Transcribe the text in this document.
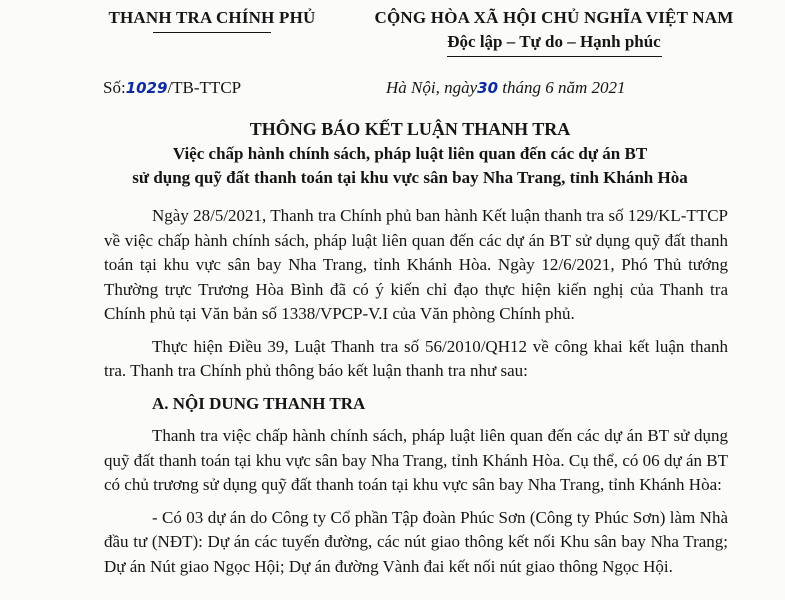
THANH TRA CHÍNH PHỦ	CỘNG HÒA XÃ HỘI CHỦ NGHĨA VIỆT NAM
Độc lập – Tự do – Hạnh phúc
Số:1029/TB-TTCP	Hà Nội, ngày30 tháng 6 năm 2021
THÔNG BÁO KẾT LUẬN THANH TRA
Việc chấp hành chính sách, pháp luật liên quan đến các dự án BT
sử dụng quỹ đất thanh toán tại khu vực sân bay Nha Trang, tỉnh Khánh Hòa

Ngày 28/5/2021, Thanh tra Chính phủ ban hành Kết luận thanh tra số 129/KL-TTCP về việc chấp hành chính sách, pháp luật liên quan đến các dự án BT sử dụng quỹ đất thanh toán tại khu vực sân bay Nha Trang, tỉnh Khánh Hòa. Ngày 12/6/2021, Phó Thủ tướng Thường trực Trương Hòa Bình đã có ý kiến chỉ đạo thực hiện kiến nghị của Thanh tra Chính phủ tại Văn bản số 1338/VPCP-V.I của Văn phòng Chính phủ.

Thực hiện Điều 39, Luật Thanh tra số 56/2010/QH12 về công khai kết luận thanh tra. Thanh tra Chính phủ thông báo kết luận thanh tra như sau:

A. NỘI DUNG THANH TRA

Thanh tra việc chấp hành chính sách, pháp luật liên quan đến các dự án BT sử dụng quỹ đất thanh toán tại khu vực sân bay Nha Trang, tỉnh Khánh Hòa. Cụ thể, có 06 dự án BT có chủ trương sử dụng quỹ đất thanh toán tại khu vực sân bay Nha Trang, tỉnh Khánh Hòa:

- Có 03 dự án do Công ty Cổ phần Tập đoàn Phúc Sơn (Công ty Phúc Sơn) làm Nhà đầu tư (NĐT): Dự án các tuyến đường, các nút giao thông kết nối Khu sân bay Nha Trang; Dự án Nút giao Ngọc Hội; Dự án đường Vành đai kết nối nút giao thông Ngọc Hội.
